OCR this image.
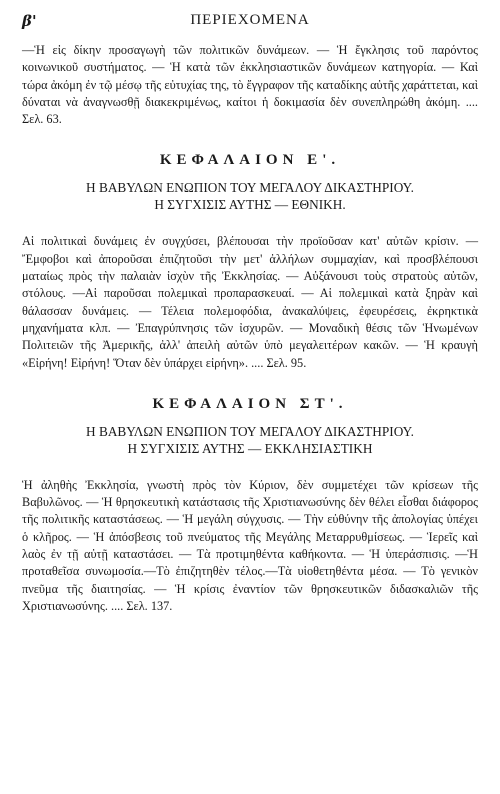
β'	ΠΕΡΙΕΧΟΜΕΝΑ

—Ἡ εἰς δίκην προσαγωγὴ τῶν πολιτικῶν δυνάμεων. — Ἡ ἔγκλησις τοῦ παρόντος κοινωνικοῦ συστήματος. — Ἡ κατὰ τῶν ἐκκλησιαστικῶν δυνάμεων κατηγορία. — Καὶ τώρα ἀκόμη ἐν τῷ μέσῳ τῆς εὐτυχίας της, τὸ ἔγγραφον τῆς καταδίκης αὐτῆς χαράττεται, καὶ δύναται νὰ ἀναγνωσθῇ διακεκριμένως, καίτοι ἡ δοκιμασία δὲν συνεπληρώθη ἀκόμη. .... Σελ. 63.

ΚΕΦΑΛΑΙΟΝ Ε'.
Η ΒΑΒΥΛΩΝ ΕΝΩΠΙΟΝ ΤΟΥ ΜΕΓΑΛΟΥ ΔΙΚΑΣΤΗΡΙΟΥ.
Η ΣΥΓΧΙΣΙΣ ΑΥΤΗΣ — ΕΘΝΙΚΗ.

Αἱ πολιτικαὶ δυνάμεις ἐν συγχύσει, βλέπουσαι τὴν προϊοῦσαν κατ' αὐτῶν κρίσιν. — Ἔμφοβοι καὶ ἀποροῦσαι ἐπιζητοῦσι τὴν μετ' ἀλλήλων συμμαχίαν, καὶ προσβλέπουσι ματαίως πρὸς τὴν παλαιὰν ἰσχὺν τῆς Ἐκκλησίας. — Αὐξάνουσι τοὺς στρατοὺς αὐτῶν, στόλους. —Αἱ παροῦσαι πολεμικαὶ προπαρασκευαί. — Αἱ πολεμικαὶ κατὰ ξηρὰν καὶ θάλασσαν δυνάμεις. — Τέλεια πολεμοφόδια, ἀνακαλύψεις, ἐφευρέσεις, ἐκρηκτικὰ μηχανήματα κλπ. — Ἐπαγρύπνησις τῶν ἰσχυρῶν. — Μοναδικὴ θέσις τῶν Ἡνωμένων Πολιτειῶν τῆς Ἀμερικῆς, ἀλλ' ἀπειλὴ αὐτῶν ὑπὸ μεγαλειτέρων κακῶν. — Ἡ κραυγὴ «Εἰρήνη! Εἰρήνη! Ὅταν δὲν ὑπάρχει εἰρήνη». .... Σελ. 95.

ΚΕΦΑΛΑΙΟΝ ΣΤ'.
Η ΒΑΒΥΛΩΝ ΕΝΩΠΙΟΝ ΤΟΥ ΜΕΓΑΛΟΥ ΔΙΚΑΣΤΗΡΙΟΥ.
Η ΣΥΓΧΙΣΙΣ ΑΥΤΗΣ — ΕΚΚΛΗΣΙΑΣΤΙΚΗ

Ἡ ἀληθὴς Ἐκκλησία, γνωστὴ πρὸς τὸν Κύριον, δὲν συμμετέχει τῶν κρίσεων τῆς Βαβυλῶνος. — Ἡ θρησκευτικὴ κατάστασις τῆς Χριστιανωσύνης δὲν θέλει εἶσθαι διάφορος τῆς πολιτικῆς καταστάσεως. — Ἡ μεγάλη σύγχυσις. — Τὴν εὐθύνην τῆς ἀπολογίας ὑπέχει ὁ κλῆρος. — Ἡ ἀπόσβεσις τοῦ πνεύματος τῆς Μεγάλης Μεταρρυθμίσεως. — Ἱερεῖς καὶ λαὸς ἐν τῇ αὐτῇ καταστάσει. — Τὰ προτιμηθέντα καθήκοντα. — Ἡ ὑπεράσπισις. —Ἡ προταθεῖσα συνωμοσία.—Τὸ ἐπιζητηθὲν τέλος.—Τὰ υἱοθετηθέντα μέσα. — Τὸ γενικὸν πνεῦμα τῆς διαιτησίας. — Ἡ κρίσις ἐναντίον τῶν θρησκευτικῶν διδασκαλιῶν τῆς Χριστιανωσύνης. .... Σελ. 137.
